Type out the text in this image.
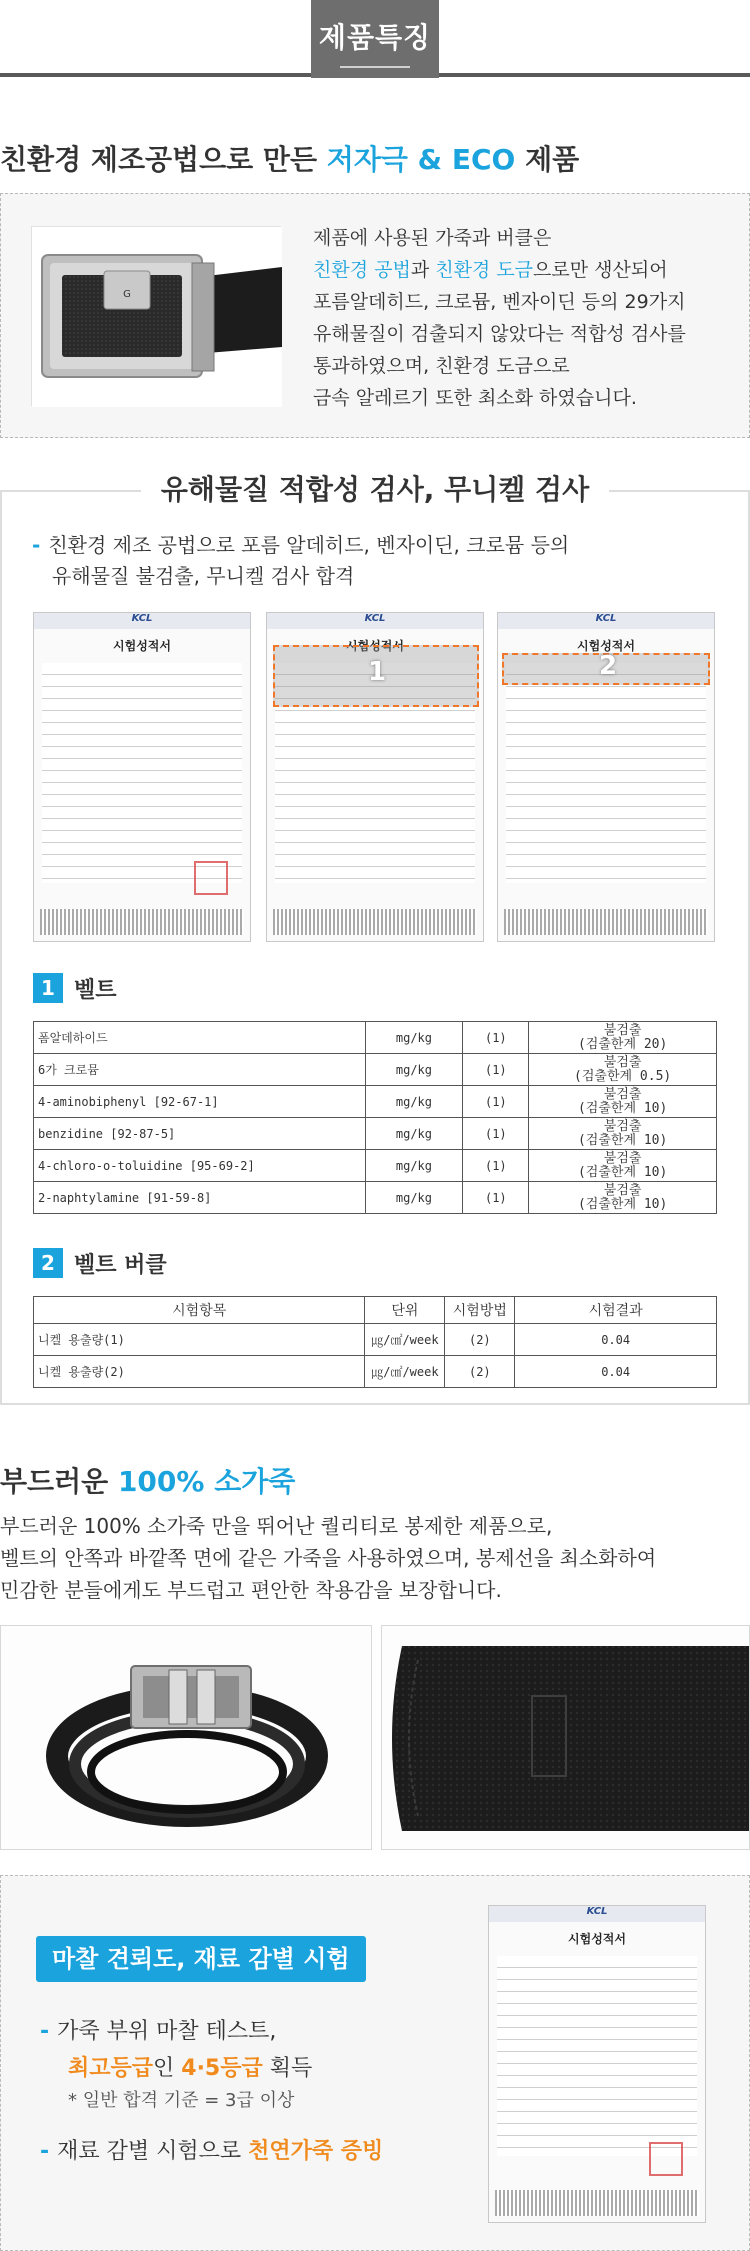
제품특징
친환경 제조공법으로 만든 저자극 & ECO 제품
G
제품에 사용된 가죽과 버클은
친환경 공법과 친환경 도금으로만 생산되어
포름알데히드, 크로뮴, 벤자이딘 등의 29가지
유해물질이 검출되지 않았다는 적합성 검사를
통과하였으며, 친환경 도금으로
금속 알레르기 또한 최소화 하였습니다.
유해물질 적합성 검사, 무니켈 검사
- 친환경 제조 공법으로 포름 알데히드, 벤자이딘, 크로뮴 등의
유해물질 불검출, 무니켈 검사 합격
KCL
시험성적서
KCL
시험성적서
1
KCL
시험성적서
2
1 벨트
폼알데하이드	mg/kg	(1)	불검출
(검출한계 20)

6가 크로뮴	mg/kg	(1)	불검출
(검출한계 0.5)

4-aminobiphenyl [92-67-1]	mg/kg	(1)	불검출
(검출한계 10)

benzidine [92-87-5]	mg/kg	(1)	불검출
(검출한계 10)

4-chloro-o-toluidine [95-69-2]	mg/kg	(1)	불검출
(검출한계 10)

2-naphtylamine [91-59-8]	mg/kg	(1)	불검출
(검출한계 10)
2 벨트 버클
시험항목	단위	시험방법	시험결과
니켈 용출량(1)	㎍/㎠/week	(2)	0.04
니켈 용출량(2)	㎍/㎠/week	(2)	0.04
부드러운 100% 소가죽
부드러운 100% 소가죽 만을 뛰어난 퀄리티로 봉제한 제품으로,
벨트의 안쪽과 바깥쪽 면에 같은 가죽을 사용하였으며, 봉제선을 최소화하여
민감한 분들에게도 부드럽고 편안한 착용감을 보장합니다.
마찰 견뢰도, 재료 감별 시험
- 가죽 부위 마찰 테스트,
최고등급인 4·5등급 획득
* 일반 합격 기준 = 3급 이상
- 재료 감별 시험으로 천연가죽 증빙
KCL
시험성적서
